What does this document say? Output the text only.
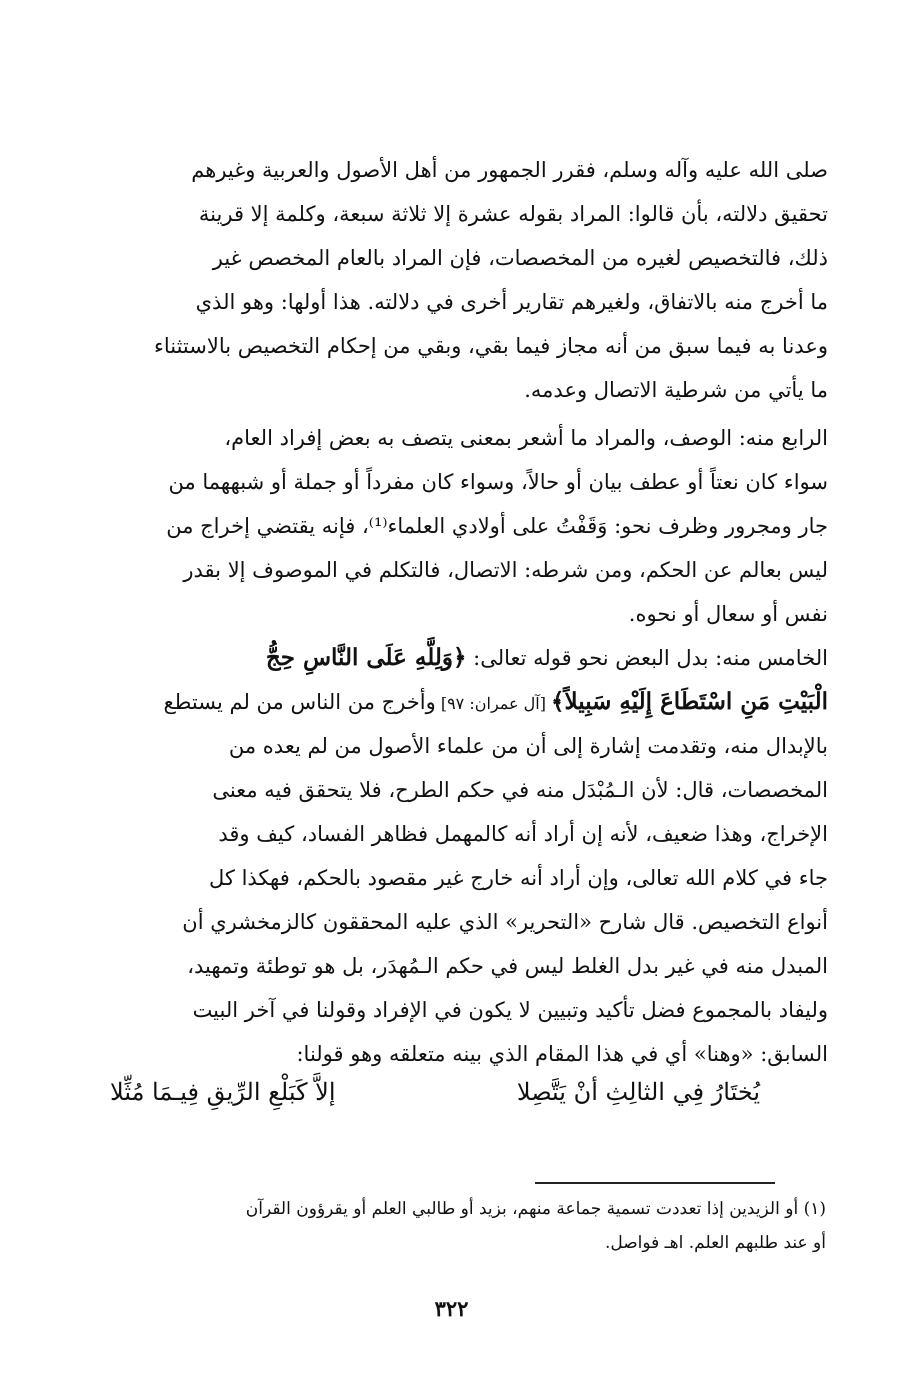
صلى الله عليه وآله وسلم، فقرر الجمهور من أهل الأصول والعربية وغيرهم
تحقيق دلالته، بأن قالوا: المراد بقوله عشرة إلا ثلاثة سبعة، وكلمة إلا قرينة
ذلك، فالتخصيص لغيره من المخصصات، فإن المراد بالعام المخصص غير
ما أخرج منه بالاتفاق، ولغيرهم تقارير أخرى في دلالته. هذا أولها: وهو الذي
وعدنا به فيما سبق من أنه مجاز فيما بقي، وبقي من إحكام التخصيص بالاستثناء
ما يأتي من شرطية الاتصال وعدمه.
الرابع منه: الوصف، والمراد ما أشعر بمعنى يتصف به بعض إفراد العام،
سواء كان نعتاً أو عطف بيان أو حالاً، وسواء كان مفرداً أو جملة أو شبههما من
جار ومجرور وظرف نحو: وَقَفْتُ على أولادي العلماء⁽¹⁾، فإنه يقتضي إخراج من
ليس بعالم عن الحكم، ومن شرطه: الاتصال، فالتكلم في الموصوف إلا بقدر
نفس أو سعال أو نحوه.
الخامس منه: بدل البعض نحو قوله تعالى: ﴿وَلِلَّهِ عَلَى النَّاسِ حِجُّ
الْبَيْتِ مَنِ اسْتَطَاعَ إِلَيْهِ سَبِيلاً﴾ [آل عمران: ٩٧] وأخرج من الناس من لم يستطع
بالإبدال منه، وتقدمت إشارة إلى أن من علماء الأصول من لم يعده من
المخصصات، قال: لأن الـمُبْدَل منه في حكم الطرح، فلا يتحقق فيه معنى
الإخراج، وهذا ضعيف، لأنه إن أراد أنه كالمهمل فظاهر الفساد، كيف وقد
جاء في كلام الله تعالى، وإن أراد أنه خارج غير مقصود بالحكم، فهكذا كل
أنواع التخصيص. قال شارح «التحرير» الذي عليه المحققون كالزمخشري أن
المبدل منه في غير بدل الغلط ليس في حكم الـمُهدَر، بل هو توطئة وتمهيد،
وليفاد بالمجموع فضل تأكيد وتبيين لا يكون في الإفراد وقولنا في آخر البيت
السابق: «وهنا» أي في هذا المقام الذي بينه متعلقه وهو قولنا:
يُختَارُ فِي الثالِثِ أنْ يَتَّصِلا
إلاَّ كَبَلْعِ الرِّيقِ فِيـمَا مُثِّلا
(١) أو الزيدين إذا تعددت تسمية جماعة منهم، بزيد أو طالبي العلم أو يقرؤون القرآن
أو عند طلبهم العلم. اهـ فواصل.
٣٢٢
